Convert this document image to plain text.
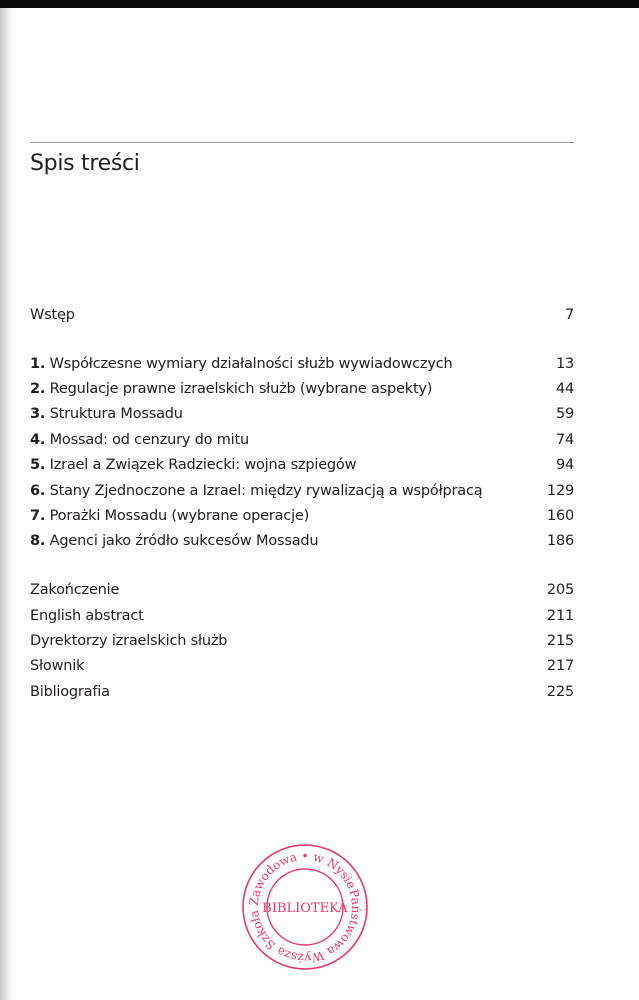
Spis treści
Wstęp	7
1. Współczesne wymiary działalności służb wywiadowczych	13
2. Regulacje prawne izraelskich służb (wybrane aspekty)	44
3. Struktura Mossadu	59
4. Mossad: od cenzury do mitu	74
5. Izrael a Związek Radziecki: wojna szpiegów	94
6. Stany Zjednoczone a Izrael: między rywalizacją a współpracą	129
7. Porażki Mossadu (wybrane operacje)	160
8. Agenci jako źródło sukcesów Mossadu	186
Zakończenie	205
English abstract	211
Dyrektorzy izraelskich służb	215
Słownik	217
Bibliografia	225
Państwowa Wyższa Szkoła Zawodowa • w Nysie
BIBLIOTEKA
